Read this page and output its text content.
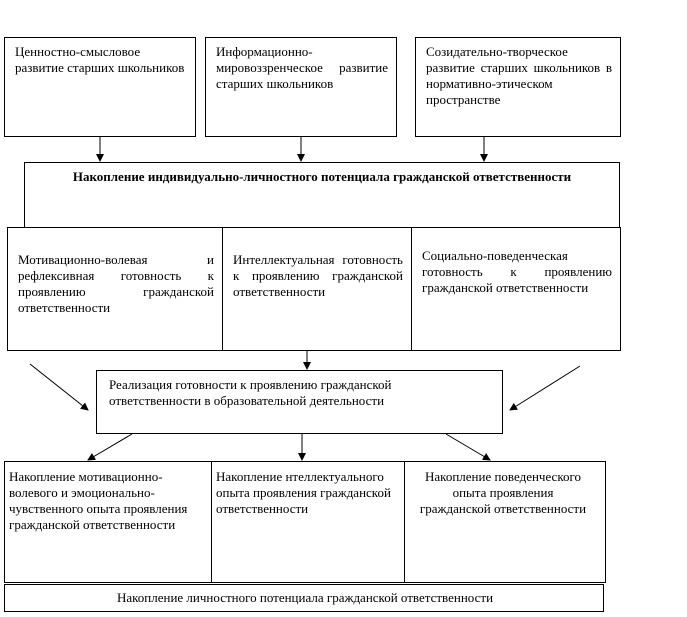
Ценностно-смысловое развитие старших школьников
Информационно-мировоззренческое развитие старших школьников
Созидательно-творческое развитие старших школьников в нормативно-этическом пространстве
Накопление индивидуально-личностного потенциала гражданской ответственности
Мотивационно-волевая и рефлексивная готовность к проявлению гражданской ответственности
Интеллектуальная готовность к проявлению гражданской ответственности
Социально-поведенческая готовность к проявлению гражданской ответственности
Реализация готовности к проявлению гражданской ответственности в образовательной деятельности
Накопление мотивационно-волевого и эмоционально-чувственного опыта проявления гражданской ответственности
Накопление нтеллектуального опыта проявления гражданской ответственности
Накопление поведенческого опыта проявления гражданской ответственности
Накопление личностного потенциала гражданской ответственности
